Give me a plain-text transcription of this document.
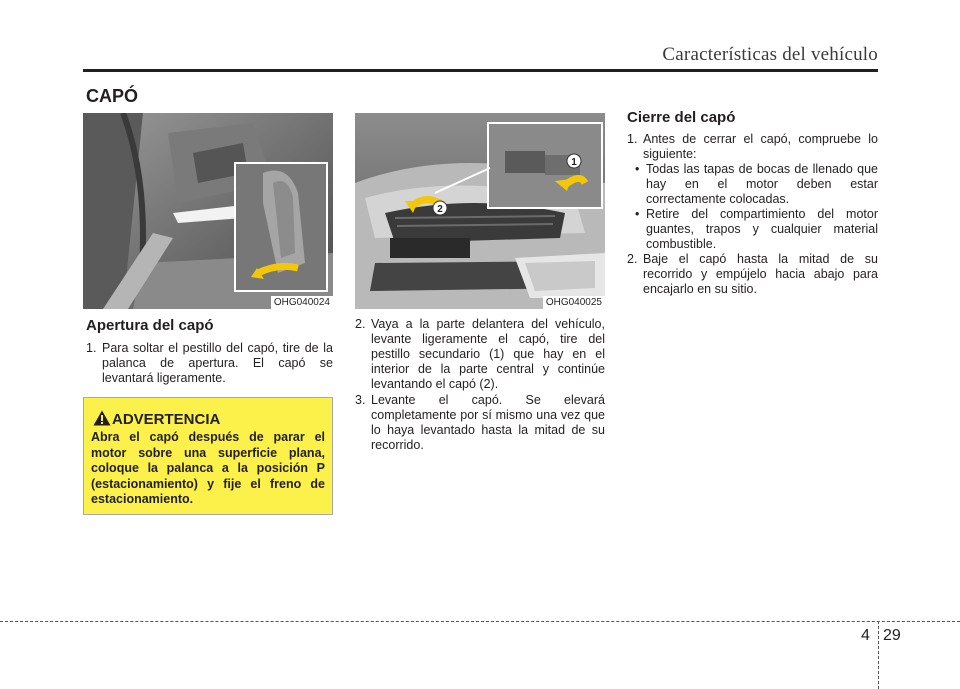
Características del vehículo
CAPÓ
OHG040024
1
2
OHG040025
Apertura del capó
1. Para soltar el pestillo del capó, tire de la palanca de apertura. El capó se levantará ligeramente.
ADVERTENCIA
Abra el capó después de parar el motor sobre una superficie plana, coloque la palanca a la posición P (estacionamiento) y fije el freno de estacionamiento.
2. Vaya a la parte delantera del vehículo, levante ligeramente el capó, tire del pestillo secundario (1) que hay en el interior de la parte central y continúe levantando el capó (2).
3. Levante el capó. Se elevará completamente por sí mismo una vez que lo haya levantado hasta la mitad de su recorrido.
Cierre del capó
1. Antes de cerrar el capó, compruebe lo siguiente:
• Todas las tapas de bocas de llenado que hay en el motor deben estar correctamente colocadas.
• Retire del compartimiento del motor guantes, trapos y cualquier material combustible.
2. Baje el capó hasta la mitad de su recorrido y empújelo hacia abajo para encajarlo en su sitio.
4 29
